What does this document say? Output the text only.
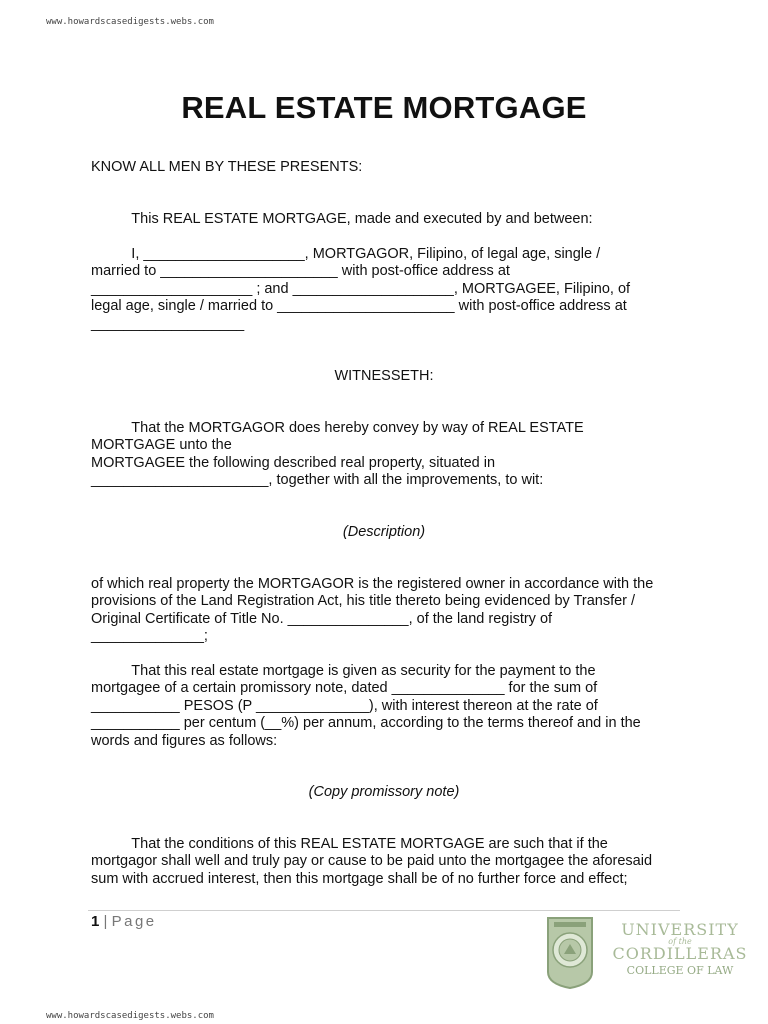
www.howardscasedigests.webs.com
REAL ESTATE MORTGAGE

KNOW ALL MEN BY THESE PRESENTS:

This REAL ESTATE MORTGAGE, made and executed by and between:

I, ____________________, MORTGAGOR, Filipino, of legal age, single /
married to ______________________ with post-office address at
____________________ ; and ____________________, MORTGAGEE, Filipino, of
legal age, single / married to ______________________ with post-office address at
___________________

WITNESSETH:

That the MORTGAGOR does hereby convey by way of REAL ESTATE
MORTGAGE unto the
MORTGAGEE the following described real property, situated in
______________________, together with all the improvements, to wit:

(Description)

of which real property the MORTGAGOR is the registered owner in accordance with the
provisions of the Land Registration Act, his title thereto being evidenced by Transfer /
Original Certificate of Title No. _______________, of the land registry of
______________;

That this real estate mortgage is given as security for the payment to the
mortgagee of a certain promissory note, dated ______________ for the sum of
___________ PESOS (P ______________), with interest thereon at the rate of
___________ per centum (__%) per annum, according to the terms thereof and in the
words and figures as follows:

(Copy promissory note)

That the conditions of this REAL ESTATE MORTGAGE are such that if the
mortgagor shall well and truly pay or cause to be paid unto the mortgagee the aforesaid
sum with accrued interest, then this mortgage shall be of no further force and effect;

1 | Page	UNIVERSITY
of the
CORDILLERAS
COLLEGE OF LAW
www.howardscasedigests.webs.com
